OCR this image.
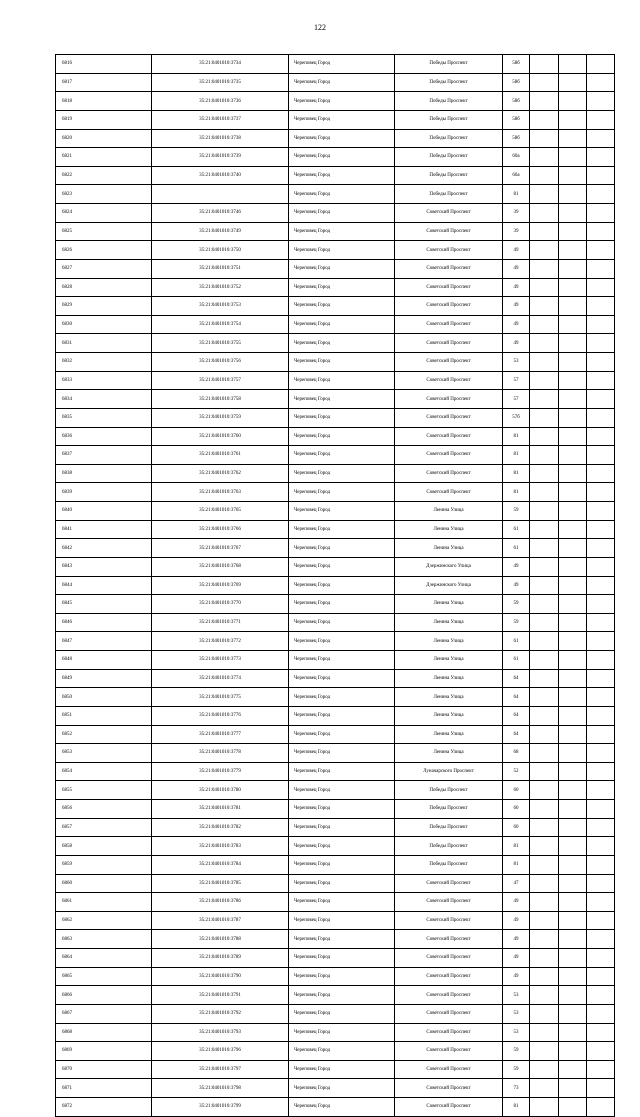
122
6816	35:21:0401010:3734	Череповец Город	Победы Проспект	58б			
6817	35:21:0401010:3735	Череповец Город	Победы Проспект	58б			
6818	35:21:0401010:3736	Череповец Город	Победы Проспект	58б			
6819	35:21:0401010:3737	Череповец Город	Победы Проспект	58б			
6820	35:21:0401010:3738	Череповец Город	Победы Проспект	58б			
6821	35:21:0401010:3739	Череповец Город	Победы Проспект	60а			
6822	35:21:0401010:3740	Череповец Город	Победы Проспект	60а			
6823		Череповец Город	Победы Проспект	81			
6824	35:21:0401010:3746	Череповец Город	Советский Проспект	39			
6825	35:21:0401010:3749	Череповец Город	Советский Проспект	39			
6826	35:21:0401010:3750	Череповец Город	Советский Проспект	49			
6827	35:21:0401010:3751	Череповец Город	Советский Проспект	49			
6828	35:21:0401010:3752	Череповец Город	Советский Проспект	49			
6829	35:21:0401010:3753	Череповец Город	Советский Проспект	49			
6830	35:21:0401010:3754	Череповец Город	Советский Проспект	49			
6831	35:21:0401010:3755	Череповец Город	Советский Проспект	49			
6832	35:21:0401010:3756	Череповец Город	Советский Проспект	53			
6833	35:21:0401010:3757	Череповец Город	Советский Проспект	57			
6834	35:21:0401010:3758	Череповец Город	Советский Проспект	57			
6835	35:21:0401010:3759	Череповец Город	Советский Проспект	57б			
6836	35:21:0401010:3760	Череповец Город	Советский Проспект	81			
6837	35:21:0401010:3761	Череповец Город	Советский Проспект	81			
6838	35:21:0401010:3762	Череповец Город	Советский Проспект	81			
6839	35:21:0401010:3763	Череповец Город	Советский Проспект	81			
6840	35:21:0401010:3765	Череповец Город	Ленина Улица	59			
6841	35:21:0401010:3766	Череповец Город	Ленина Улица	61			
6842	35:21:0401010:3767	Череповец Город	Ленина Улица	61			
6843	35:21:0401010:3768	Череповец Город	Дзержинского Улица	49			
6844	35:21:0401010:3769	Череповец Город	Дзержинского Улица	49			
6845	35:21:0401010:3770	Череповец Город	Ленина Улица	59			
6846	35:21:0401010:3771	Череповец Город	Ленина Улица	59			
6847	35:21:0401010:3772	Череповец Город	Ленина Улица	61			
6848	35:21:0401010:3773	Череповец Город	Ленина Улица	61			
6849	35:21:0401010:3774	Череповец Город	Ленина Улица	64			
6850	35:21:0401010:3775	Череповец Город	Ленина Улица	64			
6851	35:21:0401010:3776	Череповец Город	Ленина Улица	64			
6852	35:21:0401010:3777	Череповец Город	Ленина Улица	64			
6853	35:21:0401010:3778	Череповец Город	Ленина Улица	68			
6854	35:21:0401010:3779	Череповец Город	Луначарского Проспект	52			
6855	35:21:0401010:3780	Череповец Город	Победы Проспект	60			
6856	35:21:0401010:3781	Череповец Город	Победы Проспект	60			
6857	35:21:0401010:3782	Череповец Город	Победы Проспект	60			
6858	35:21:0401010:3783	Череповец Город	Победы Проспект	81			
6859	35:21:0401010:3784	Череповец Город	Победы Проспект	81			
6860	35:21:0401010:3785	Череповец Город	Советский Проспект	47			
6861	35:21:0401010:3786	Череповец Город	Советский Проспект	49			
6862	35:21:0401010:3787	Череповец Город	Советский Проспект	49			
6863	35:21:0401010:3788	Череповец Город	Советский Проспект	49			
6864	35:21:0401010:3789	Череповец Город	Советский Проспект	49			
6865	35:21:0401010:3790	Череповец Город	Советский Проспект	49			
6866	35:21:0401010:3791	Череповец Город	Советский Проспект	53			
6867	35:21:0401010:3792	Череповец Город	Советский Проспект	53			
6868	35:21:0401010:3793	Череповец Город	Советский Проспект	53			
6869	35:21:0401010:3796	Череповец Город	Советский Проспект	59			
6870	35:21:0401010:3797	Череповец Город	Советский Проспект	59			
6871	35:21:0401010:3798	Череповец Город	Советский Проспект	73			
6872	35:21:0401010:3799	Череповец Город	Советский Проспект	81			
